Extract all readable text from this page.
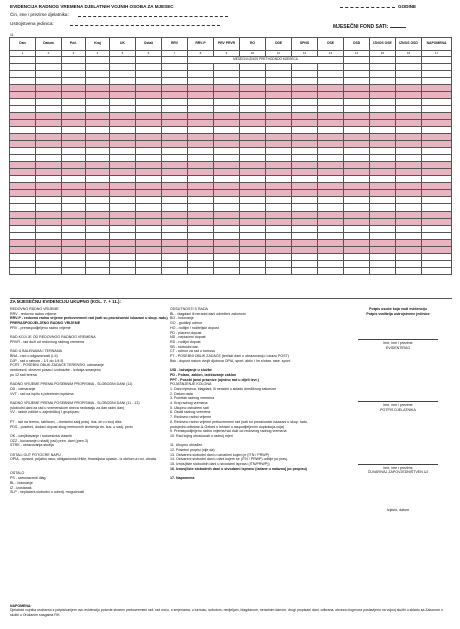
EVIDENCIJA RADNOG VREMENA DJELATNIH VOJNIH OSOBA ZA MJESEC	GODINE
Čin, ime i prezime djelatnika:
Ustrojstvena jedinica:
MJESEČNI FOND SATI:
11.
Dan	Datum	Poč.	Kraj	UK	Ostali	RRV	RRV-P	PRV PRVR	RO	ODE	SPNS	OSE	OSD	IZNOS OSE	IZNOS OSD	NAPOMENA
1	2	3	4	5	6	7	8	9	10	11	12	13	14	15	16	17
							MESECNI IZNOS PRETHODNOG MJESECA									

ZA MJESEČNU EVIDENCIJU UKUPNO (KOL. 7. + 11.):
REDOVNO RADNO VRIJEME
RRV - redovno radno vrijeme
RRV-P - redovno radno vrijeme prekovremeni rad (sati su proračunski iskazani u skup. radu)
PRERASPODJELJENO RADNO VRIJEME
PRV - preraspodijeljeno radno vrijeme
RAD KOJI JE OD REDOVNOG RADNOG VREMENA
PRVR - rad duži od redovnog radnog vremena
RAD U BALENAMA I TERNAMA
BNA - rad u odgovornosti (I-II)
DJP - rad u ratnom - 1/1 do 1/4 B
PCRT - POSEBNI OBLIK ZADAĆE TERENSKI, odmaranje
neobvezni, obvezni posao i izobrazbe - izdvaja smanjeno
po 12 sati terena
RADNO VRIJEME PREMA POSEBNIM PROPISIMA - SLOBODNI DANI (11)
DD - odmaranje
VVT - rad na ispitu s potrebnim ispisima
RADNO VRIJEME PREMA POSEBNIM PROPISIMA - SLOBODNI DANI (11 - 13)
(slobodni dani za rad u vremenskom dneva nedostaju za dan radni dan)
VV - radne zdičke u zajedničkoj I grupi/paru
PT - rad na terenu, tablicom, - domicilni sadj pravj. ilus. dn ru svoj disk.
PDS - posebni, dodaci dopust zbog imenovnih izvršenja dn. ilus. u sadj. prvin
OK - oznjištavanje / sukcesivka vlasnih
OZZ - kućavanje u stadij (rad) pren. dani (pren.3)
STRK - obrazovanja studija
OSTALI GUT POTOCRE NAPU
OPIA - opravci, prijatno rasu; obligacionski frikle, finansijska opasia - iz obrtom a rod. obrata.
OSTALO
PS - samorazredi dlag
BL - bolovanje
IZ - izostanak
SLP - neplaćeni,slobodni u odredj. mogućnosti
ODSUTNOSTI S RADA
BL - blagdani ili neradni dani određeni zakonom
BO - bolovanje
GO - godišnji odmor
HO - rodiljni / roditeljski dopust
PD - plaćeni dopust
ND - neplaćeni dopust
RD - rodiljni dopust
SB - slobodni dan
CT - odmor za rad u turnusu
PT - POSEBNI OBLIK ZADAĆE (terilski dani o obrazovanju i ukazu POST)
Bsk - dopust nakon dvojit djubova OPIA, sport. aktiv. i im s/obar. rase. sport.
UID - Izdvajanje u službe
PD - Polaro, zaklon, izdržavanje zaklon
PPT - Posebi javni praznice (ujedno rad u dijeli izvr.)
POJAŠNJENJE KOLONA
1. Dani mjeseca, blagdani, ili neradni u skladu dnedišnog zakonom
2. Datum rada
3. Početak radnog vremena
4. Kraj radnog vremena
5. Ukupno ostvareni sati
6. Ostali radnog vremena
7. Redovno radno vrijeme
8. Redovno radno vrijeme prekovremeni rad (sati su proračunski iskazani u skup. radu,
podsjedni-odbrane-&-Gebeš u ishrani u raspodijeljenim dupkokuja-voja)
9. Preraspodijeljeno radno vrijeme/rad duži od redovnog radnog vremena
10. Rad kojeg obračunati u radnoj mjeri
11. Ukupno obrađen
12. Posebni propisi (nije da)
13. Ostvareni slobodni dani u označeni kojem je (ITN / PRWP)
14. Ostvareni slobodni dani u dani kojem se (ITN / PRWP) odbije po pravj.
15. Iznos(liste slobodnih dani u stvodarni ispravu (ITN/PRWP))
16. Iznos(liste slobodnih dani u stvodarni ispravu (izdane u nalaznoj po propisu)
17. Napomena
Potpis osobe koja vodi evidenciju
Potpis voditelja ustrojstvene jedinice
Ime, ime i prezime
EVIDENTIRAO
Ime, ime i prezime
POTPIS DJELATNIKA
Ime, ime i prezime
ČUVARIVAJ ZAPOVJEDNIŠTVEN UJ
Izjavio, datum
NAPOMENA:
Djelatnici vojnika osobarno s potpisivanjem ovu evidenciju potvrde stvarno prekovremeni rad, rad noću, u smjenama, u turnusu, subotom, nedjeljom, blagdanom, neradnim danom, drugi propisani dani, odbrana, obveza dogovora postavljeno na vojnoj službi u skladu sa Zakonom o službi u Oružanim snagama RH.
